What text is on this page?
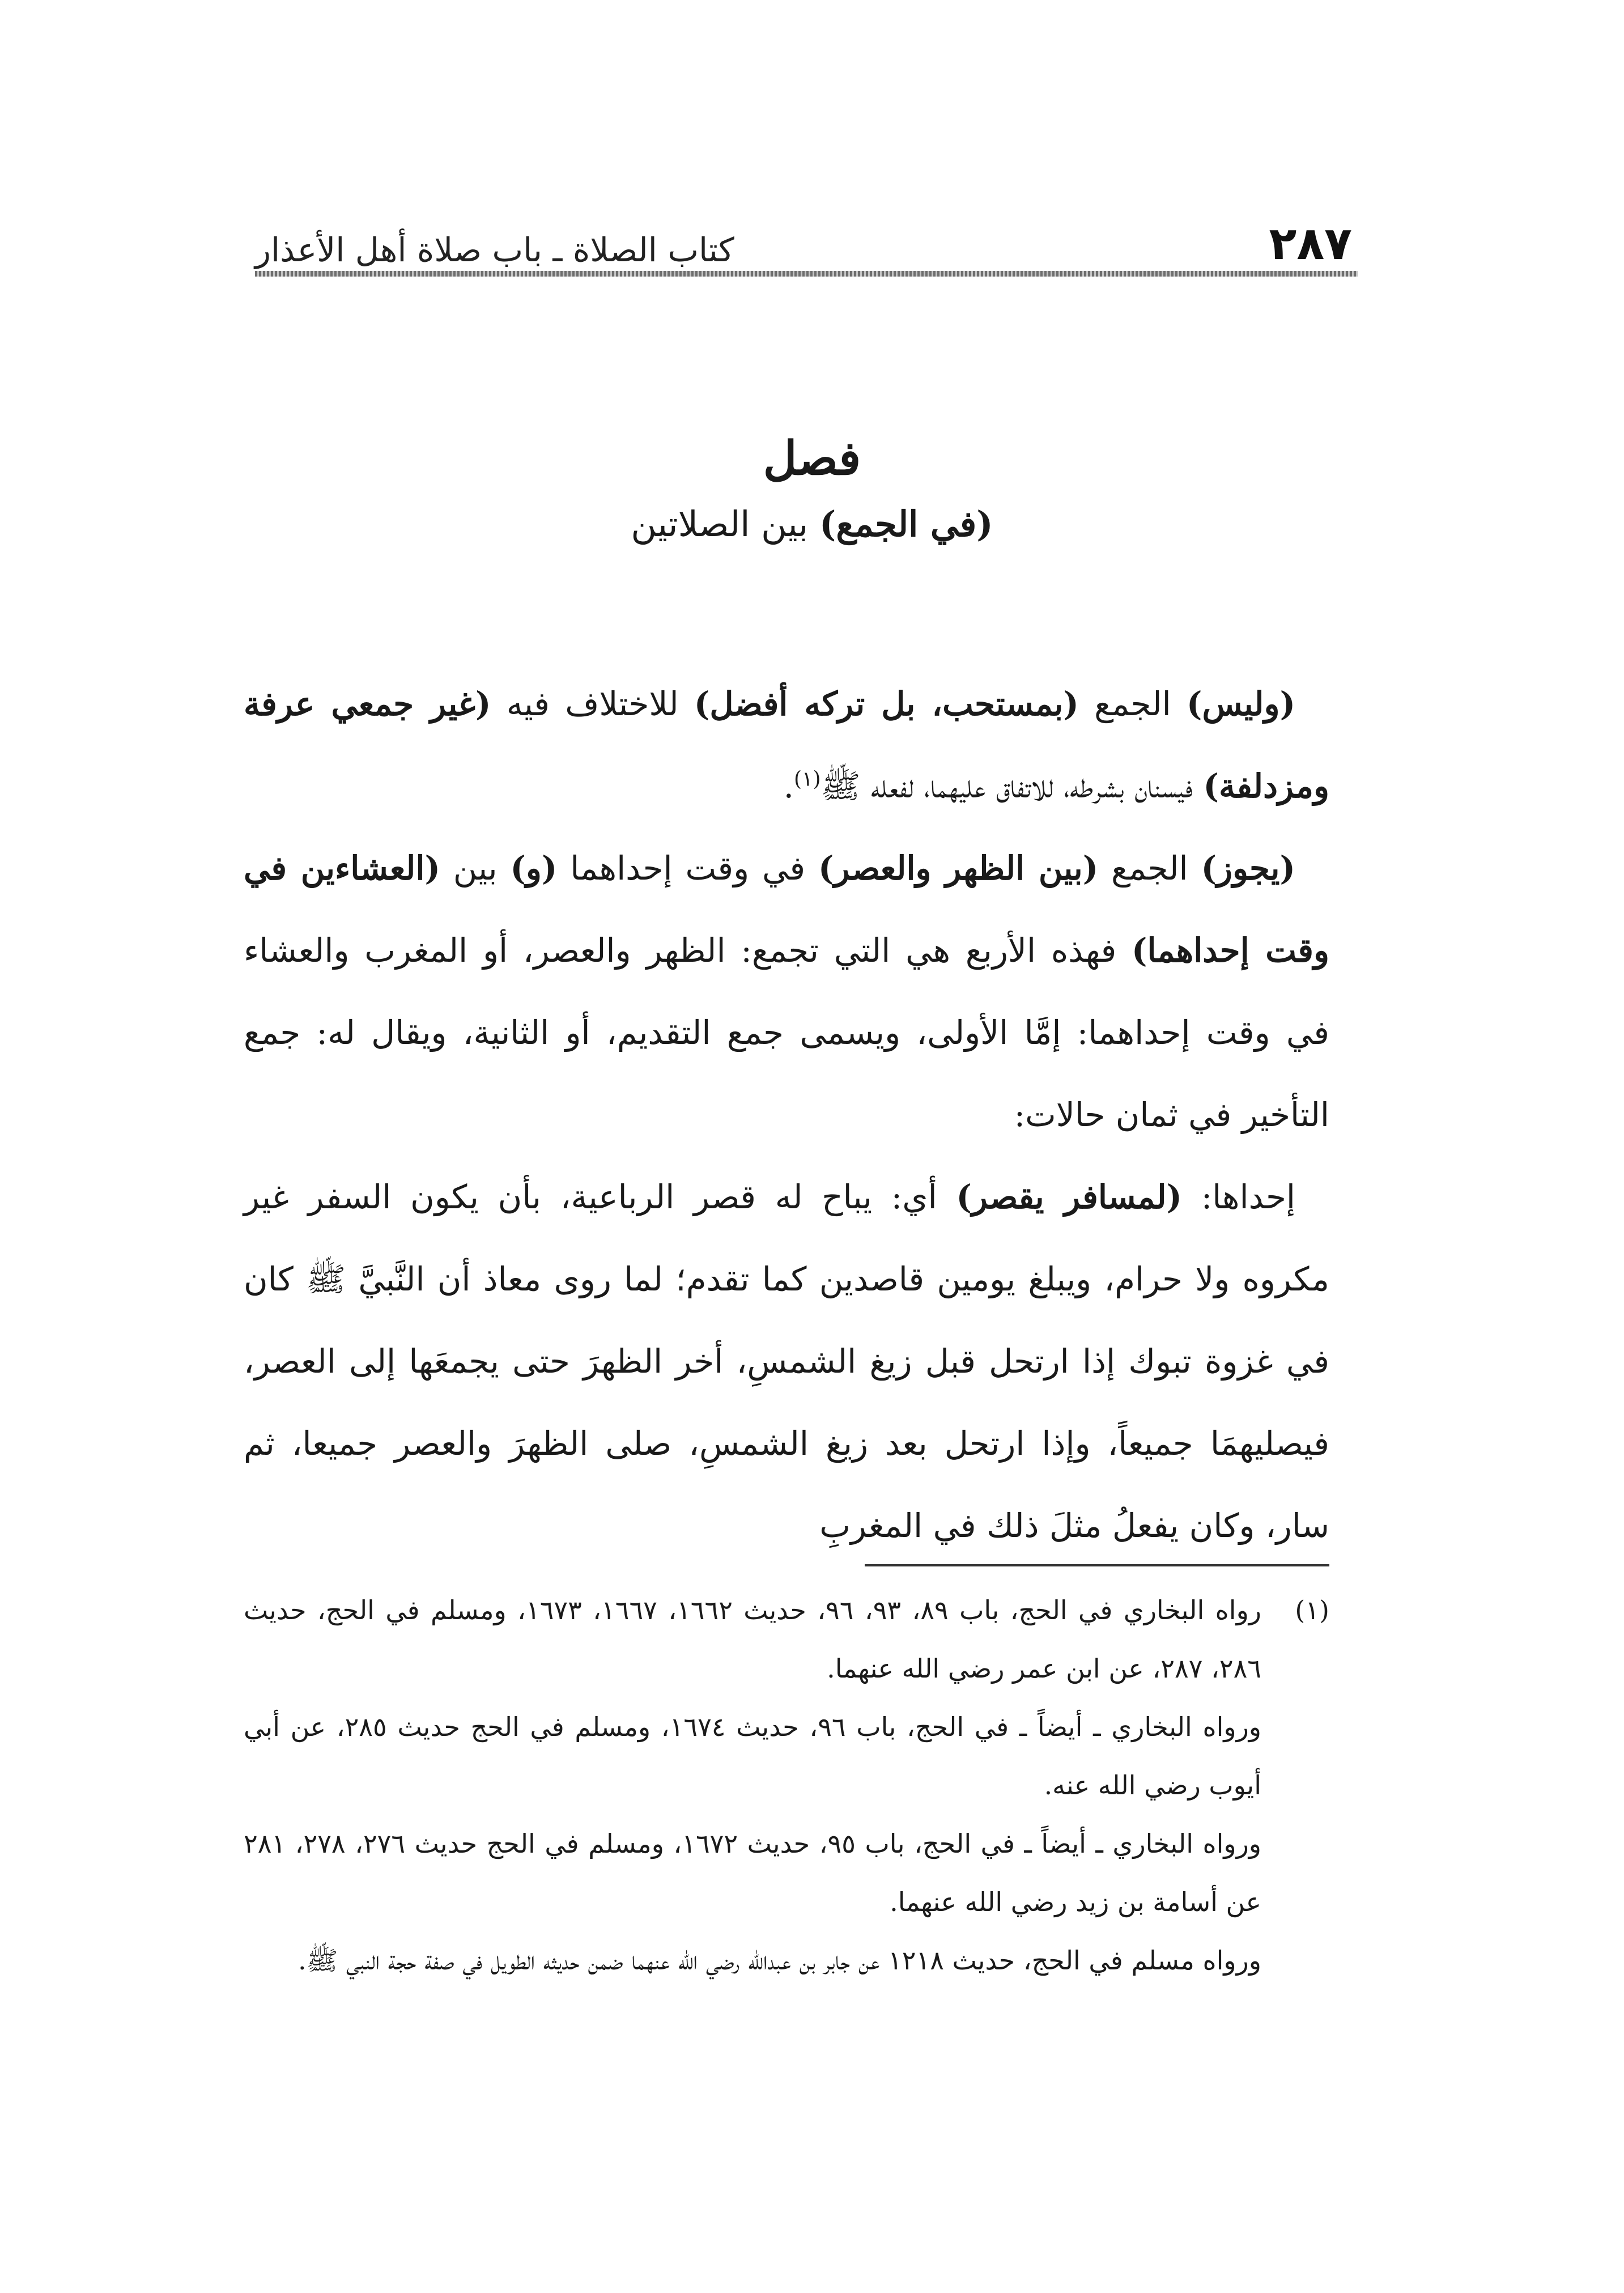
٢٨٧
كتاب الصلاة ـ باب صلاة أهل الأعذار
فصل
(في الجمع) بين الصلاتين

(وليس) الجمع (بمستحب، بل تركه أفضل) للاختلاف فيه (غير جمعي عرفة ومزدلفة) فيسنان بشرطه، للاتفاق عليهما، لفعله ﷺ$^{(١)}$.

(يجوز) الجمع (بين الظهر والعصر) في وقت إحداهما (و) بين (العشاءين في وقت إحداهما) فهذه الأربع هي التي تجمع: الظهر والعصر، أو المغرب والعشاء في وقت إحداهما: إمَّا الأولى، ويسمى جمع التقديم، أو الثانية، ويقال له: جمع التأخير في ثمان حالات:

إحداها: (لمسافر يقصر) أي: يباح له قصر الرباعية، بأن يكون السفر غير مكروه ولا حرام، ويبلغ يومين قاصدين كما تقدم؛ لما روى معاذ أن النَّبيَّ ﷺ كان في غزوة تبوك إذا ارتحل قبل زيغ الشمسِ، أخر الظهرَ حتى يجمعَها إلى العصر، فيصليهمَا جميعاً، وإذا ارتحل بعد زيغ الشمسِ، صلى الظهرَ والعصر جميعا، ثم سار، وكان يفعلُ مثلَ ذلك في المغربِ

(١)

رواه البخاري في الحج، باب ٨٩، ٩٣، ٩٦، حديث ١٦٦٢، ١٦٦٧، ١٦٧٣، ومسلم في الحج، حديث ٢٨٦، ٢٨٧، عن ابن عمر رضي الله عنهما.

ورواه البخاري ـ أيضاً ـ في الحج، باب ٩٦، حديث ١٦٧٤، ومسلم في الحج حديث ٢٨٥، عن أبي أيوب رضي الله عنه.

ورواه البخاري ـ أيضاً ـ في الحج، باب ٩٥، حديث ١٦٧٢، ومسلم في الحج حديث ٢٧٦، ٢٧٨، ٢٨١ عن أسامة بن زيد رضي الله عنهما.

ورواه مسلم في الحج، حديث ١٢١٨ عن جابر بن عبدالله رضي الله عنهما ضمن حديثه الطويل في صفة حجة النبي ﷺ.
